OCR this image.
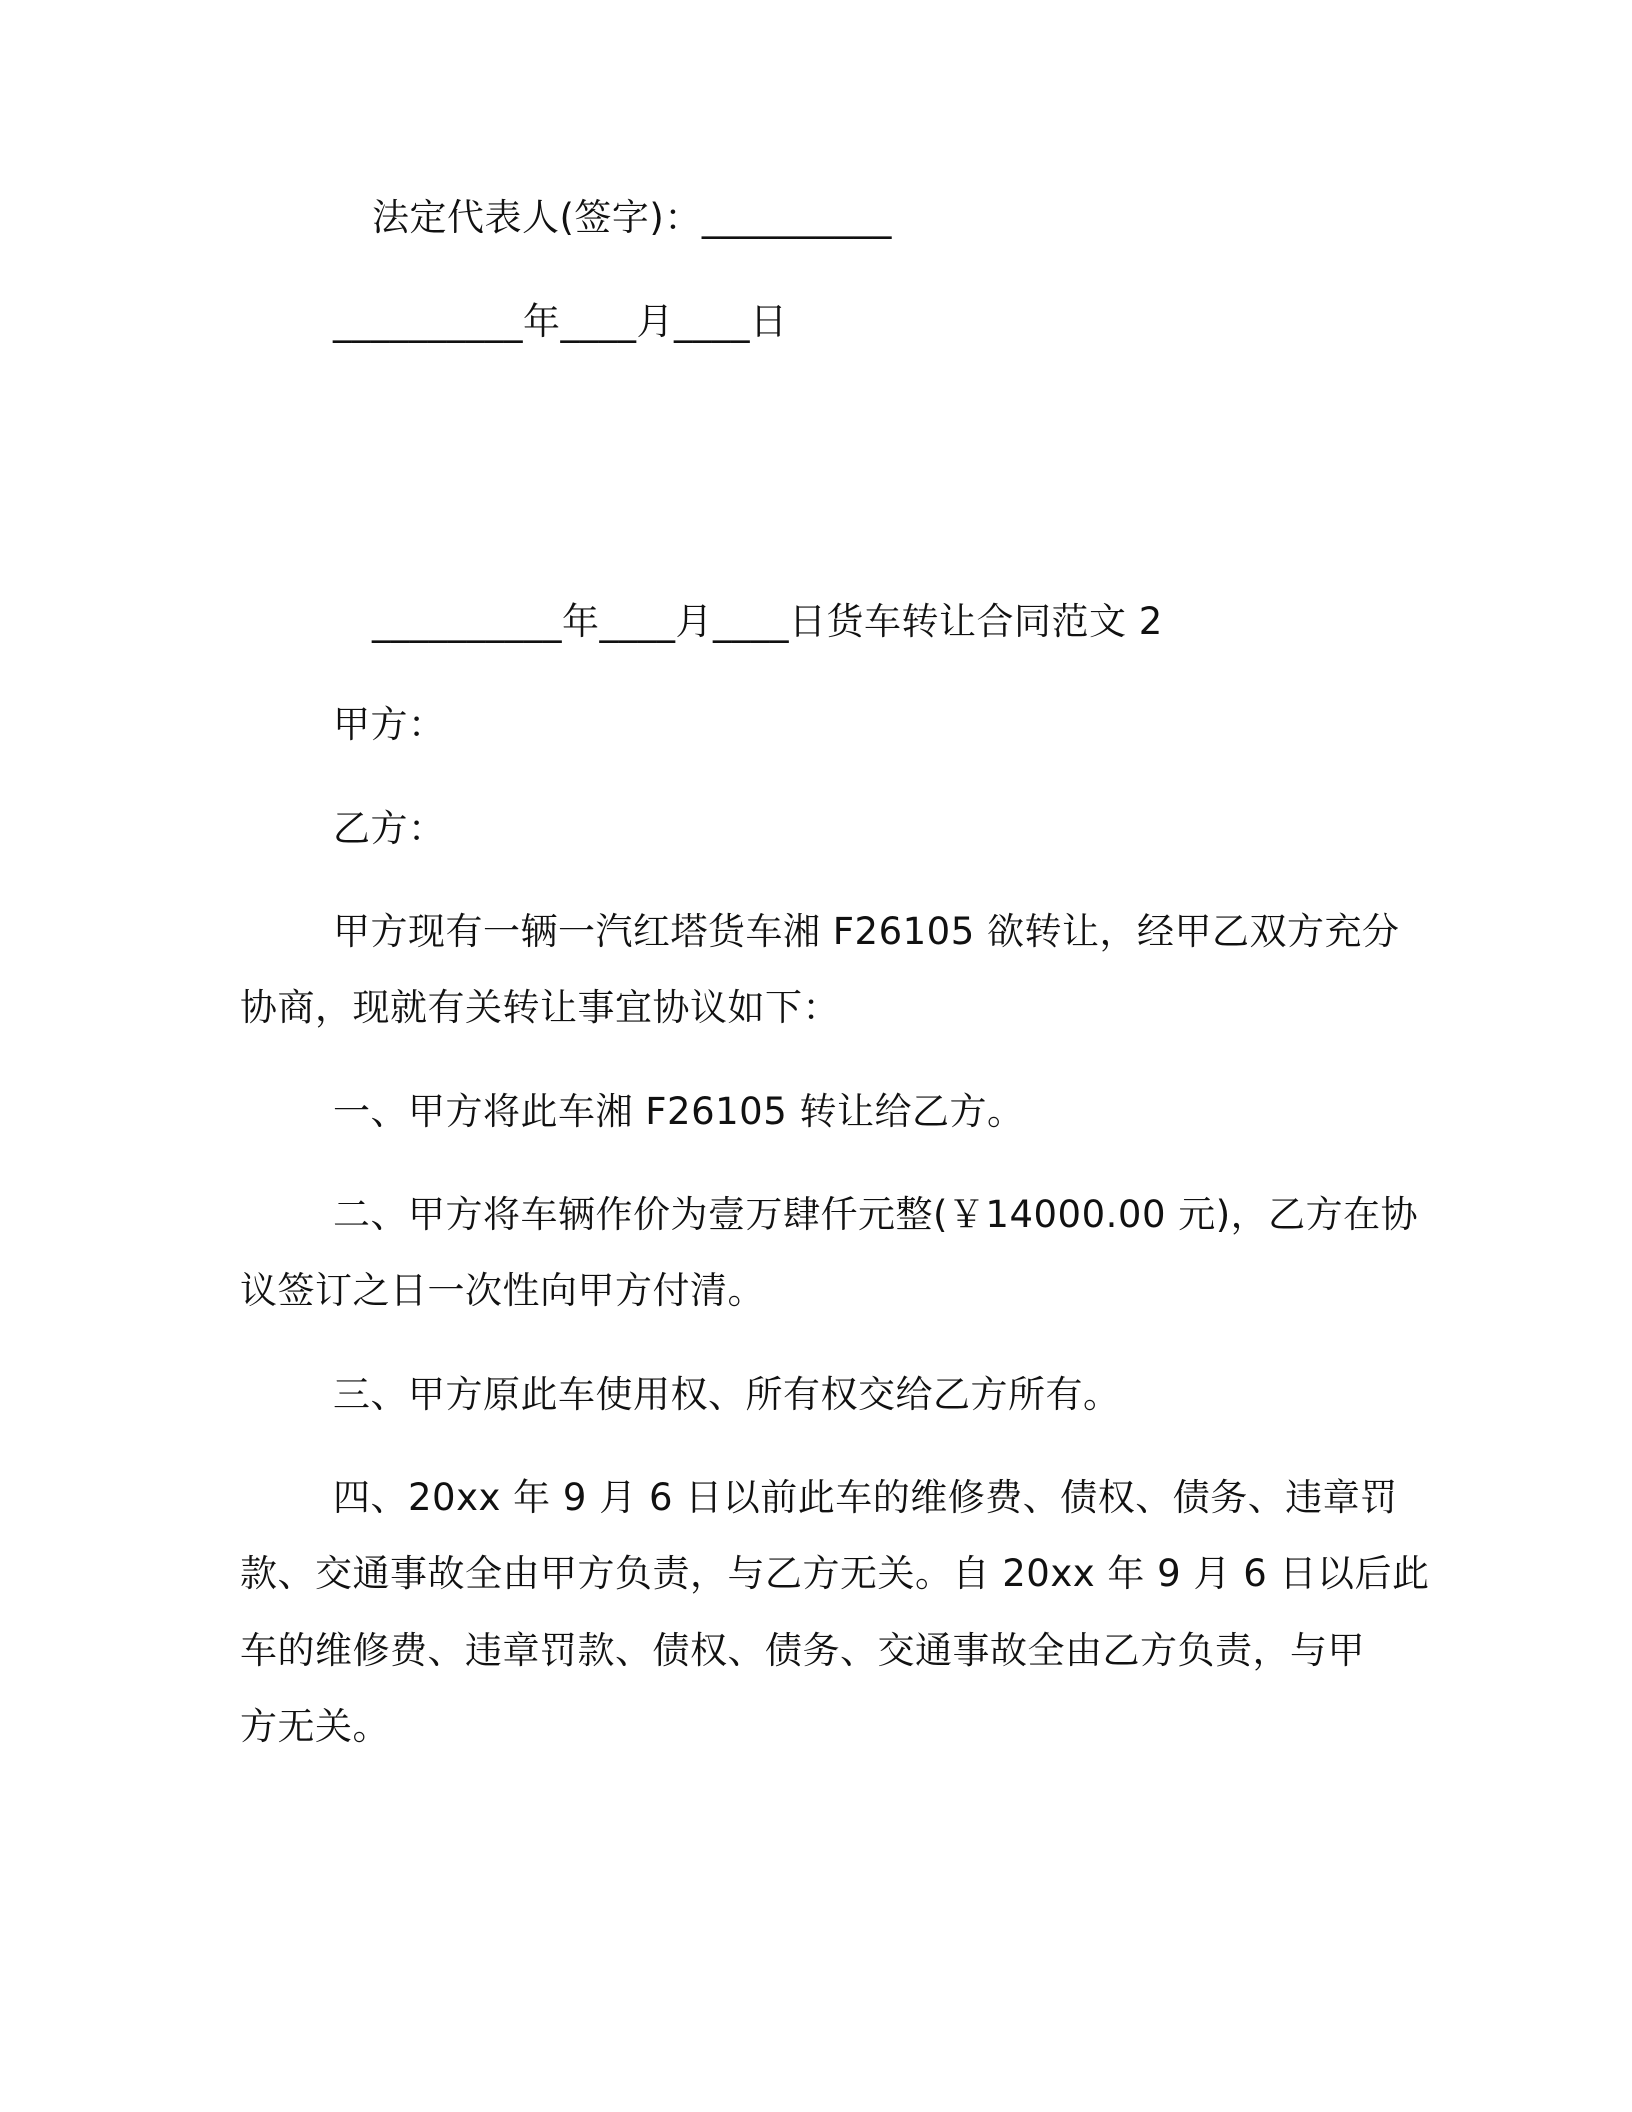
法定代表人(签字)：__________
__________年____月____日
__________年____月____日货车转让合同范文 2
甲方：
乙方：
甲方现有一辆一汽红塔货车湘 F26105 欲转让，经甲乙双方充分
协商，现就有关转让事宜协议如下：
一、甲方将此车湘 F26105 转让给乙方。
二、甲方将车辆作价为壹万肆仟元整(￥14000.00 元)，乙方在协
议签订之日一次性向甲方付清。
三、甲方原此车使用权、所有权交给乙方所有。
四、20xx 年 9 月 6 日以前此车的维修费、债权、债务、违章罚
款、交通事故全由甲方负责，与乙方无关。自 20xx 年 9 月 6 日以后此
车的维修费、违章罚款、债权、债务、交通事故全由乙方负责，与甲
方无关。
